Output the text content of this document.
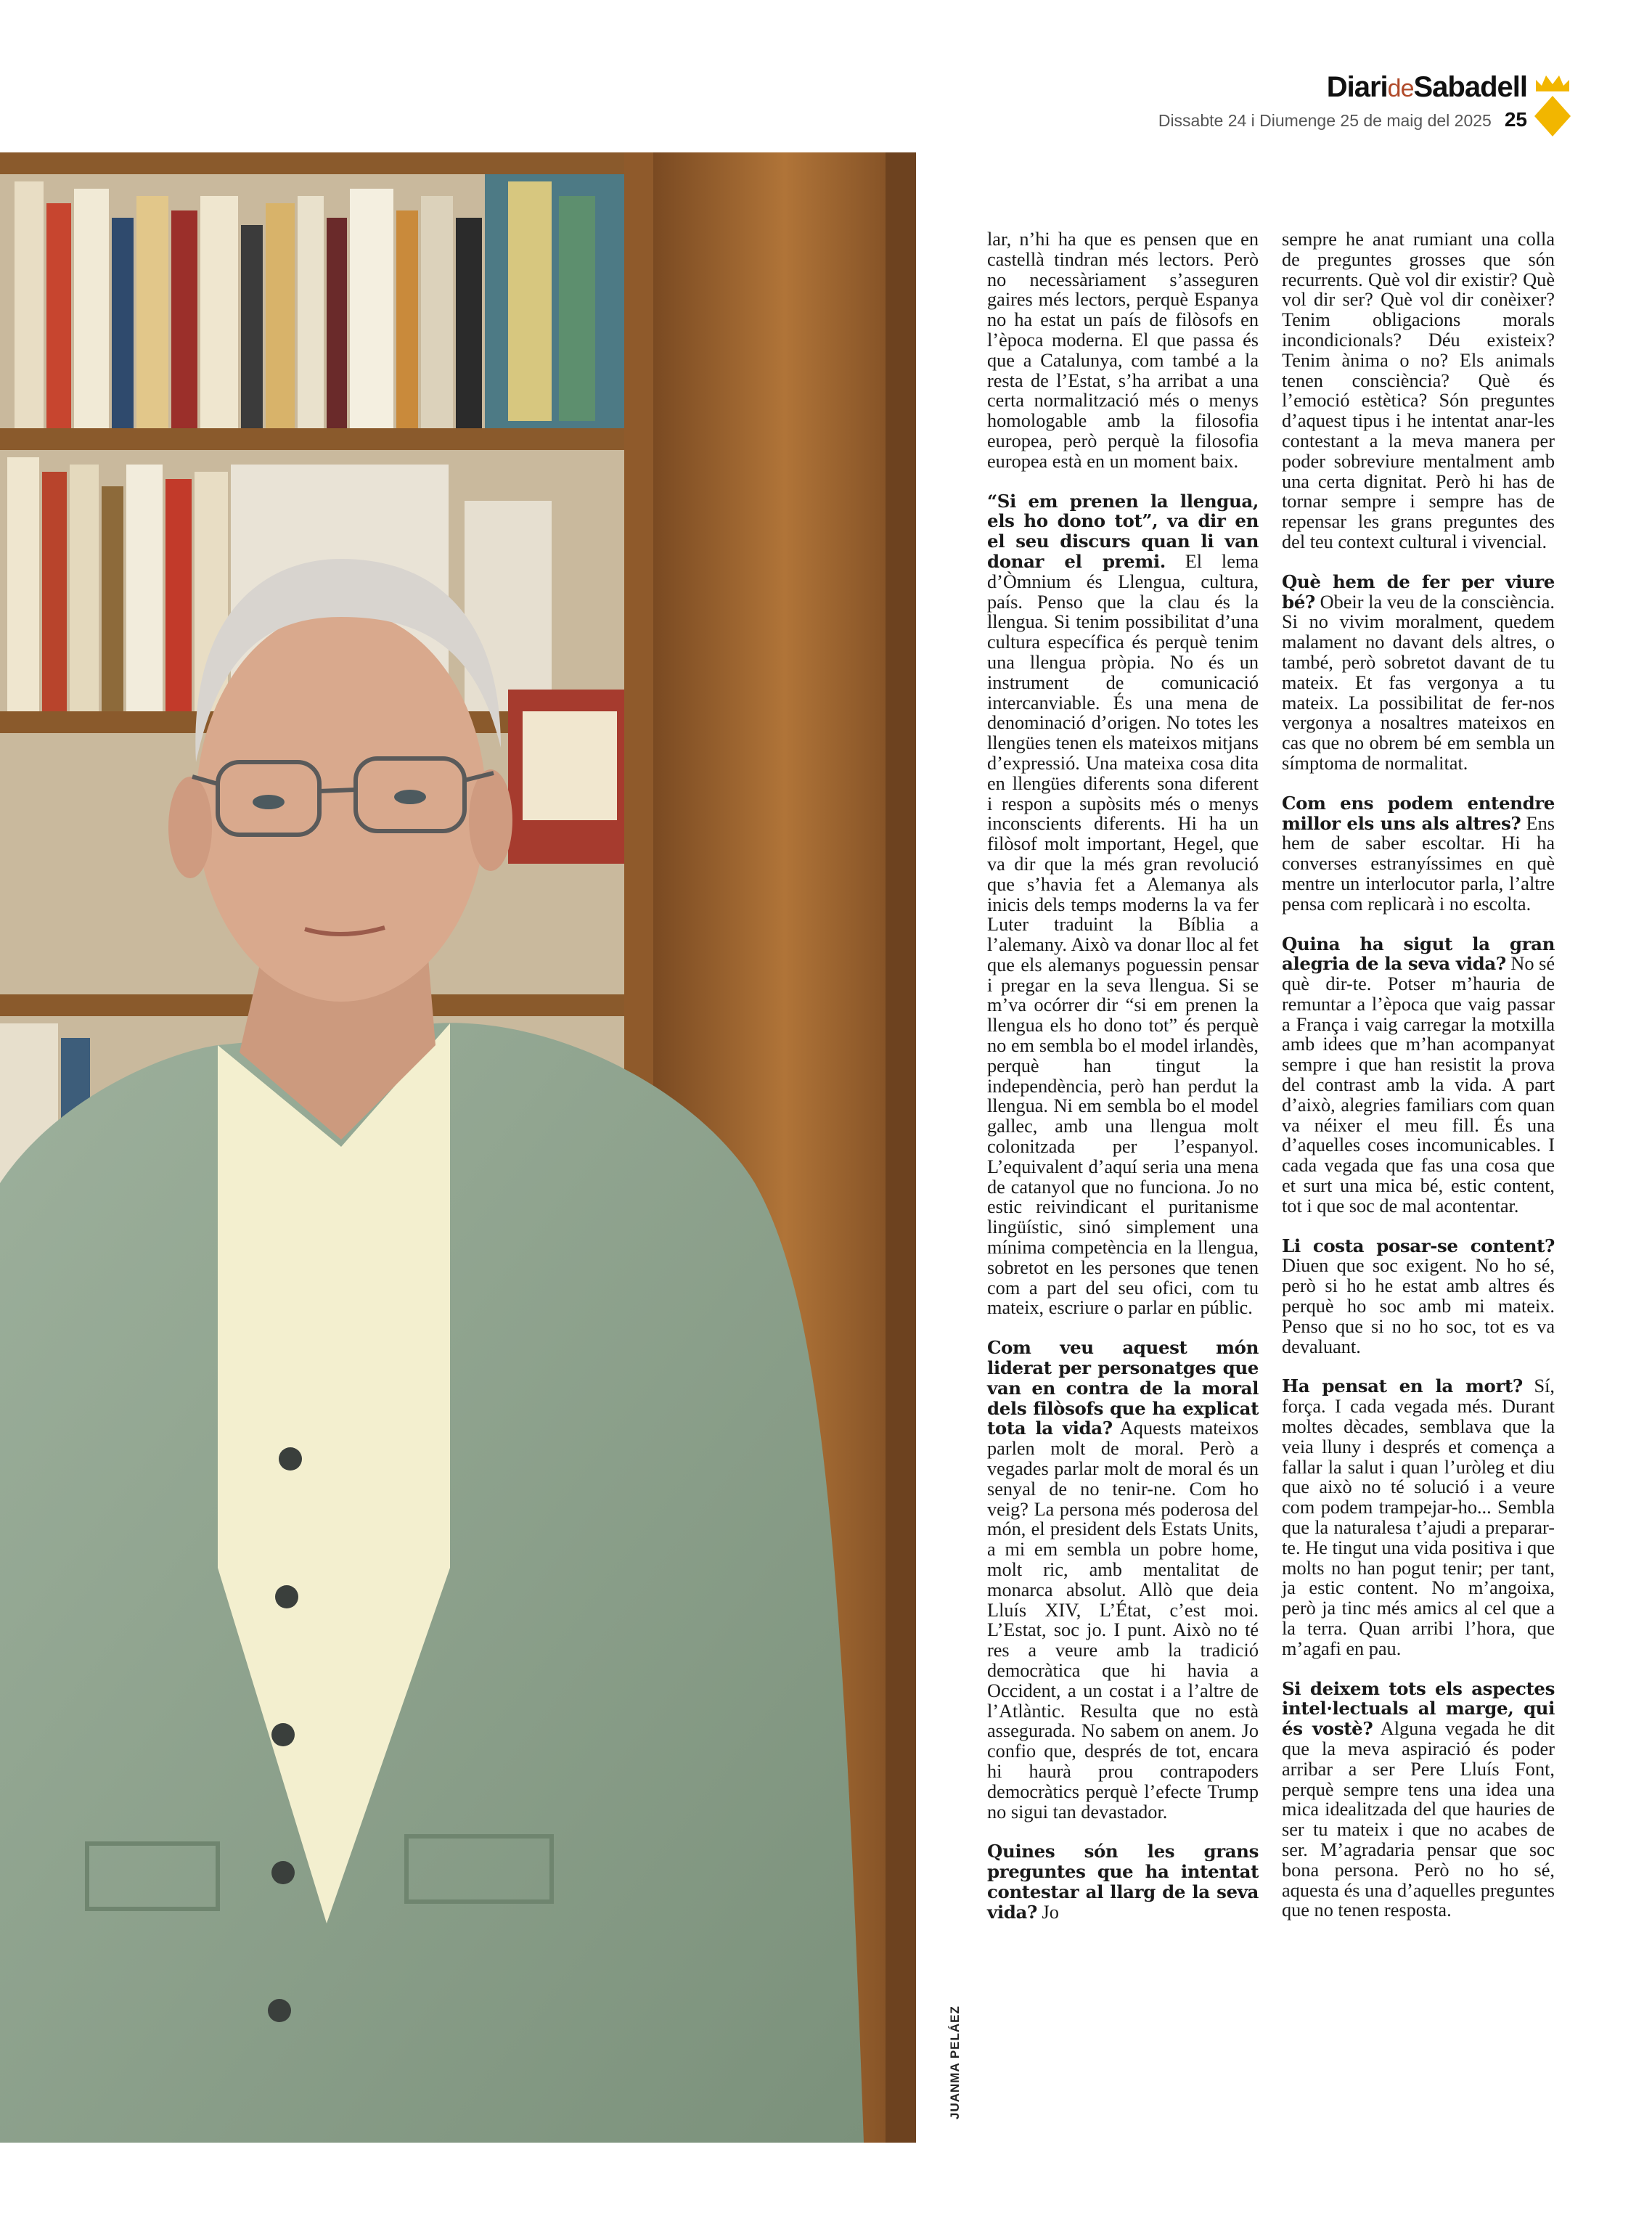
DiarideSabadell
Dissabte 24 i Diumenge 25 de maig del 2025 25
JUANMA PELÁEZ

lar, n’hi ha que es pensen que en castellà tindran més lectors. Però no necessàriament s’asseguren gaires més lectors, perquè Espanya no ha estat un país de filòsofs en l’època moderna. El que passa és que a Catalunya, com també a la resta de l’Estat, s’ha arribat a una certa normalització més o menys homologable amb la filosofia europea, però perquè la filosofia europea està en un moment baix.

“Si em prenen la llengua, els ho dono tot”, va dir en el seu discurs quan li van donar el premi. El lema d’Òmnium és Llengua, cultura, país. Penso que la clau és la llengua. Si tenim possibilitat d’una cultura específica és perquè tenim una llengua pròpia. No és un instrument de comunicació intercanviable. És una mena de denominació d’origen. No totes les llengües tenen els mateixos mitjans d’expressió. Una mateixa cosa dita en llengües diferents sona diferent i respon a supòsits més o menys inconscients diferents. Hi ha un filòsof molt important, Hegel, que va dir que la més gran revolució que s’havia fet a Alemanya als inicis dels temps moderns la va fer Luter traduint la Bíblia a l’alemany. Això va donar lloc al fet que els alemanys poguessin pensar i pregar en la seva llengua. Si se m’va ocórrer dir “si em prenen la llengua els ho dono tot” és perquè no em sembla bo el model irlandès, perquè han tingut la independència, però han perdut la llengua. Ni em sembla bo el model gallec, amb una llengua molt colonitzada per l’espanyol. L’equivalent d’aquí seria una mena de catanyol que no funciona. Jo no estic reivindicant el puritanisme lingüístic, sinó simplement una mínima competència en la llengua, sobretot en les persones que tenen com a part del seu ofici, com tu mateix, escriure o parlar en públic.

Com veu aquest món liderat per personatges que van en contra de la moral dels filòsofs que ha explicat tota la vida? Aquests mateixos parlen molt de moral. Però a vegades parlar molt de moral és un senyal de no tenir-ne. Com ho veig? La persona més poderosa del món, el president dels Estats Units, a mi em sembla un pobre home, molt ric, amb mentalitat de monarca absolut. Allò que deia Lluís XIV, L’État, c’est moi. L’Estat, soc jo. I punt. Això no té res a veure amb la tradició democràtica que hi havia a Occident, a un costat i a l’altre de l’Atlàntic. Resulta que no està assegurada. No sabem on anem. Jo confio que, després de tot, encara hi haurà prou contrapoders democràtics perquè l’efecte Trump no sigui tan devastador.

Quines són les grans preguntes que ha intentat contestar al llarg de la seva vida? Jo

sempre he anat rumiant una colla de preguntes grosses que són recurrents. Què vol dir existir? Què vol dir ser? Què vol dir conèixer? Tenim obligacions morals incondicionals? Déu existeix? Tenim ànima o no? Els animals tenen consciència? Què és l’emoció estètica? Són preguntes d’aquest tipus i he intentat anar-les contestant a la meva manera per poder sobreviure mentalment amb una certa dignitat. Però hi has de tornar sempre i sempre has de repensar les grans preguntes des del teu context cultural i vivencial.

Què hem de fer per viure bé? Obeir la veu de la consciència. Si no vivim moralment, quedem malament no davant dels altres, o també, però sobretot davant de tu mateix. Et fas vergonya a tu mateix. La possibilitat de fer-nos vergonya a nosaltres mateixos en cas que no obrem bé em sembla un símptoma de normalitat.

Com ens podem entendre millor els uns als altres? Ens hem de saber escoltar. Hi ha converses estranyíssimes en què mentre un interlocutor parla, l’altre pensa com replicarà i no escolta.

Quina ha sigut la gran alegria de la seva vida? No sé què dir-te. Potser m’hauria de remuntar a l’època que vaig passar a França i vaig carregar la motxilla amb idees que m’han acompanyat sempre i que han resistit la prova del contrast amb la vida. A part d’això, alegries familiars com quan va néixer el meu fill. És una d’aquelles coses incomunicables. I cada vegada que fas una cosa que et surt una mica bé, estic content, tot i que soc de mal acontentar.

Li costa posar-se content? Diuen que soc exigent. No ho sé, però si ho he estat amb altres és perquè ho soc amb mi mateix. Penso que si no ho soc, tot es va devaluant.

Ha pensat en la mort? Sí, força. I cada vegada més. Durant moltes dècades, semblava que la veia lluny i després et comença a fallar la salut i quan l’uròleg et diu que això no té solució i a veure com podem trampejar-ho... Sembla que la naturalesa t’ajudi a preparar-te. He tingut una vida positiva i que molts no han pogut tenir; per tant, ja estic content. No m’angoixa, però ja tinc més amics al cel que a la terra. Quan arribi l’hora, que m’agafi en pau.

Si deixem tots els aspectes intel·lectuals al marge, qui és vostè? Alguna vegada he dit que la meva aspiració és poder arribar a ser Pere Lluís Font, perquè sempre tens una idea una mica idealitzada del que hauries de ser tu mateix i que no acabes de ser. M’agradaria pensar que soc bona persona. Però no ho sé, aquesta és una d’aquelles preguntes que no tenen resposta.
